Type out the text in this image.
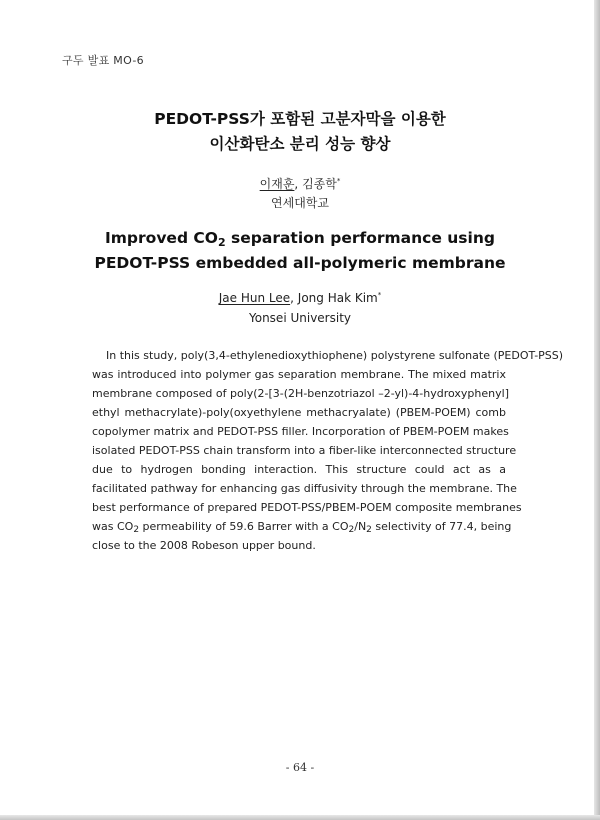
구두 발표 MO-6
PEDOT-PSS가 포함된 고분자막을 이용한
이산화탄소 분리 성능 향상
이재훈, 김종학*
연세대학교
Improved $CO_2$ separation performance using
PEDOT-PSS embedded all-polymeric membrane
Jae Hun Lee, Jong Hak Kim*
Yonsei University
In this study, poly(3,4-ethylenedioxythiophene) polystyrene sulfonate (PEDOT-PSS)
was introduced into polymer gas separation membrane. The mixed matrix
membrane composed of poly(2-[3-(2H-benzotriazol –2-yl)-4-hydroxyphenyl]
ethyl methacrylate)-poly(oxyethylene methacryalate) (PBEM-POEM) comb
copolymer matrix and PEDOT-PSS filler. Incorporation of PBEM-POEM makes
isolated PEDOT-PSS chain transform into a fiber-like interconnected structure
due to hydrogen bonding interaction. This structure could act as a
facilitated pathway for enhancing gas diffusivity through the membrane. The
best performance of prepared PEDOT-PSS/PBEM-POEM composite membranes
was $CO_2$ permeability of 59.6 Barrer with a $CO_2/N_2$ selectivity of 77.4, being
close to the 2008 Robeson upper bound.
- 64 -
